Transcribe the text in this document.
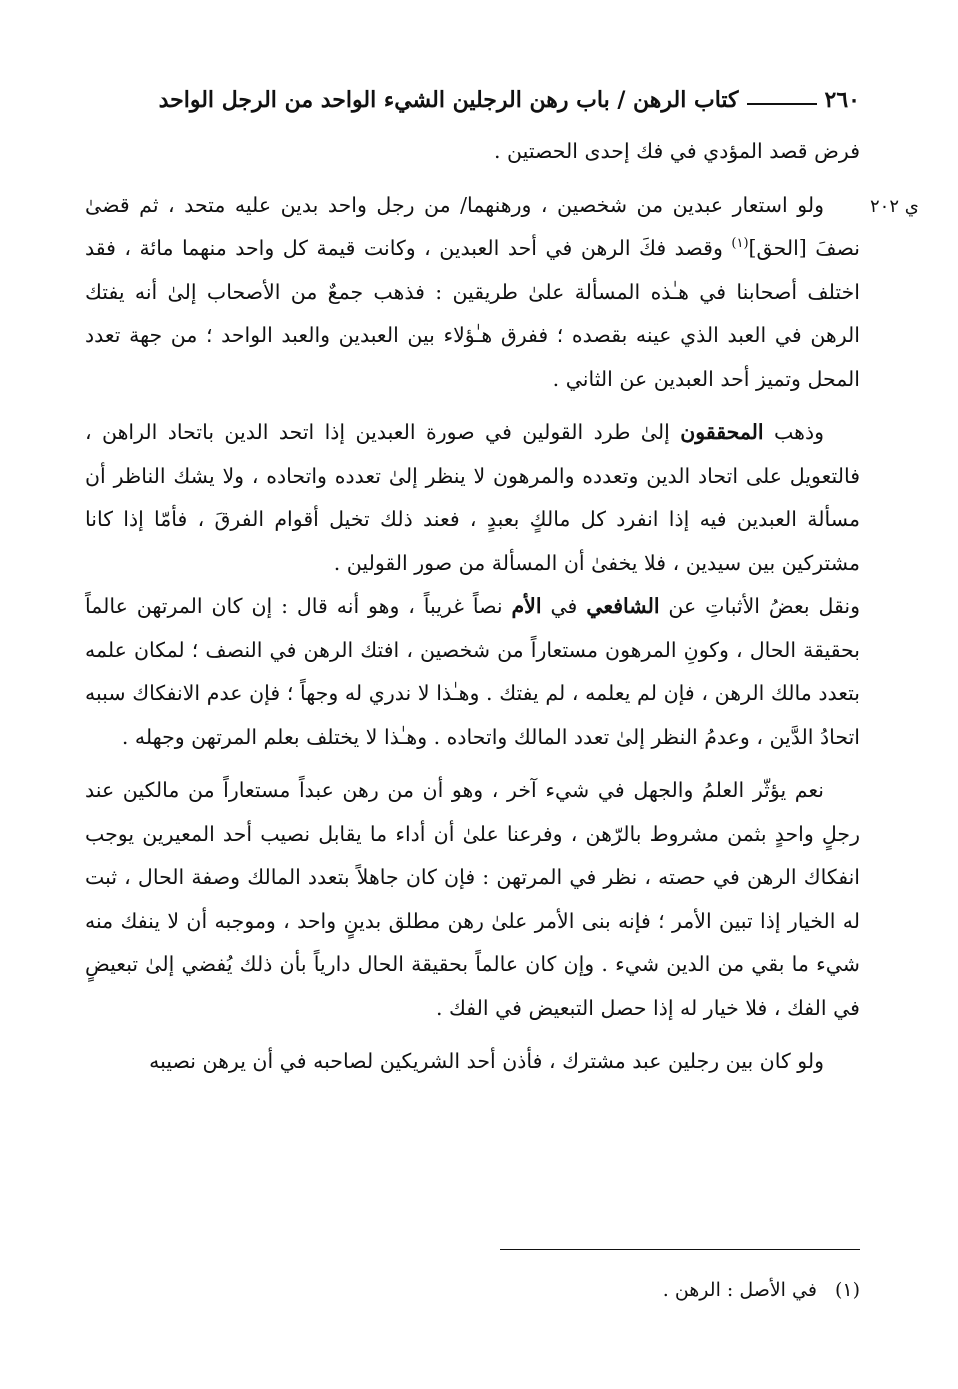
٢٦٠
كتاب الرهن / باب رهن الرجلين الشيء الواحد من الرجل الواحد
ي ٢٠٢

فرض قصد المؤدي في فك إحدى الحصتين .

ولو استعار عبدين من شخصين ، ورهنهما/ من رجل واحد بدين عليه متحد ، ثم قضىٰ نصفَ [الحق]$^{(١)}$ وقصد فكَ الرهن في أحد العبدين ، وكانت قيمة كل واحد منهما مائة ، فقد اختلف أصحابنا في هـٰذه المسألة علىٰ طريقين : فذهب جمعٌ من الأصحاب إلىٰ أنه يفتك الرهن في العبد الذي عينه بقصده ؛ ففرق هـٰؤلاء بين العبدين والعبد الواحد ؛ من جهة تعدد المحل وتميز أحد العبدين عن الثاني .

وذهب المحققون إلىٰ طرد القولين في صورة العبدين إذا اتحد الدين باتحاد الراهن ، فالتعويل على اتحاد الدين وتعدده والمرهون لا ينظر إلىٰ تعدده واتحاده ، ولا يشك الناظر أن مسألة العبدين فيه إذا انفرد كل مالكٍ بعبدٍ ، فعند ذلك تخيل أقوام الفرقَ ، فأمّا إذا كانا مشتركين بين سيدين ، فلا يخفىٰ أن المسألة من صور القولين .

ونقل بعضُ الأثباتِ عن الشافعي في الأم نصاً غريباً ، وهو أنه قال : إن كان المرتهن عالماً بحقيقة الحال ، وكونِ المرهون مستعاراً من شخصين ، افتك الرهن في النصف ؛ لمكان علمه بتعدد مالك الرهن ، فإن لم يعلمه ، لم يفتك . وهـٰذا لا ندري له وجهاً ؛ فإن عدم الانفكاك سببه اتحادُ الدَّين ، وعدمُ النظر إلىٰ تعدد المالك واتحاده . وهـٰذا لا يختلف بعلم المرتهن وجهله .

نعم يؤثّر العلمُ والجهل في شيء آخر ، وهو أن من رهن عبداً مستعاراً من مالكين عند رجلٍ واحدٍ بثمن مشروط بالرّهن ، وفرعنا علىٰ أن أداء ما يقابل نصيب أحد المعيرين يوجب انفكاك الرهن في حصته ، نظر في المرتهن : فإن كان جاهلاً بتعدد المالك وصفة الحال ، ثبت له الخيار إذا تبين الأمر ؛ فإنه بنى الأمر علىٰ رهن مطلق بدينٍ واحد ، وموجبه أن لا ينفك منه شيء ما بقي من الدين شيء . وإن كان عالماً بحقيقة الحال دارياً بأن ذلك يُفضي إلىٰ تبعيضٍ في الفك ، فلا خيار له إذا حصل التبعيض في الفك .

ولو كان بين رجلين عبد مشترك ، فأذن أحد الشريكين لصاحبه في أن يرهن نصيبه

(١)في الأصل : الرهن .
